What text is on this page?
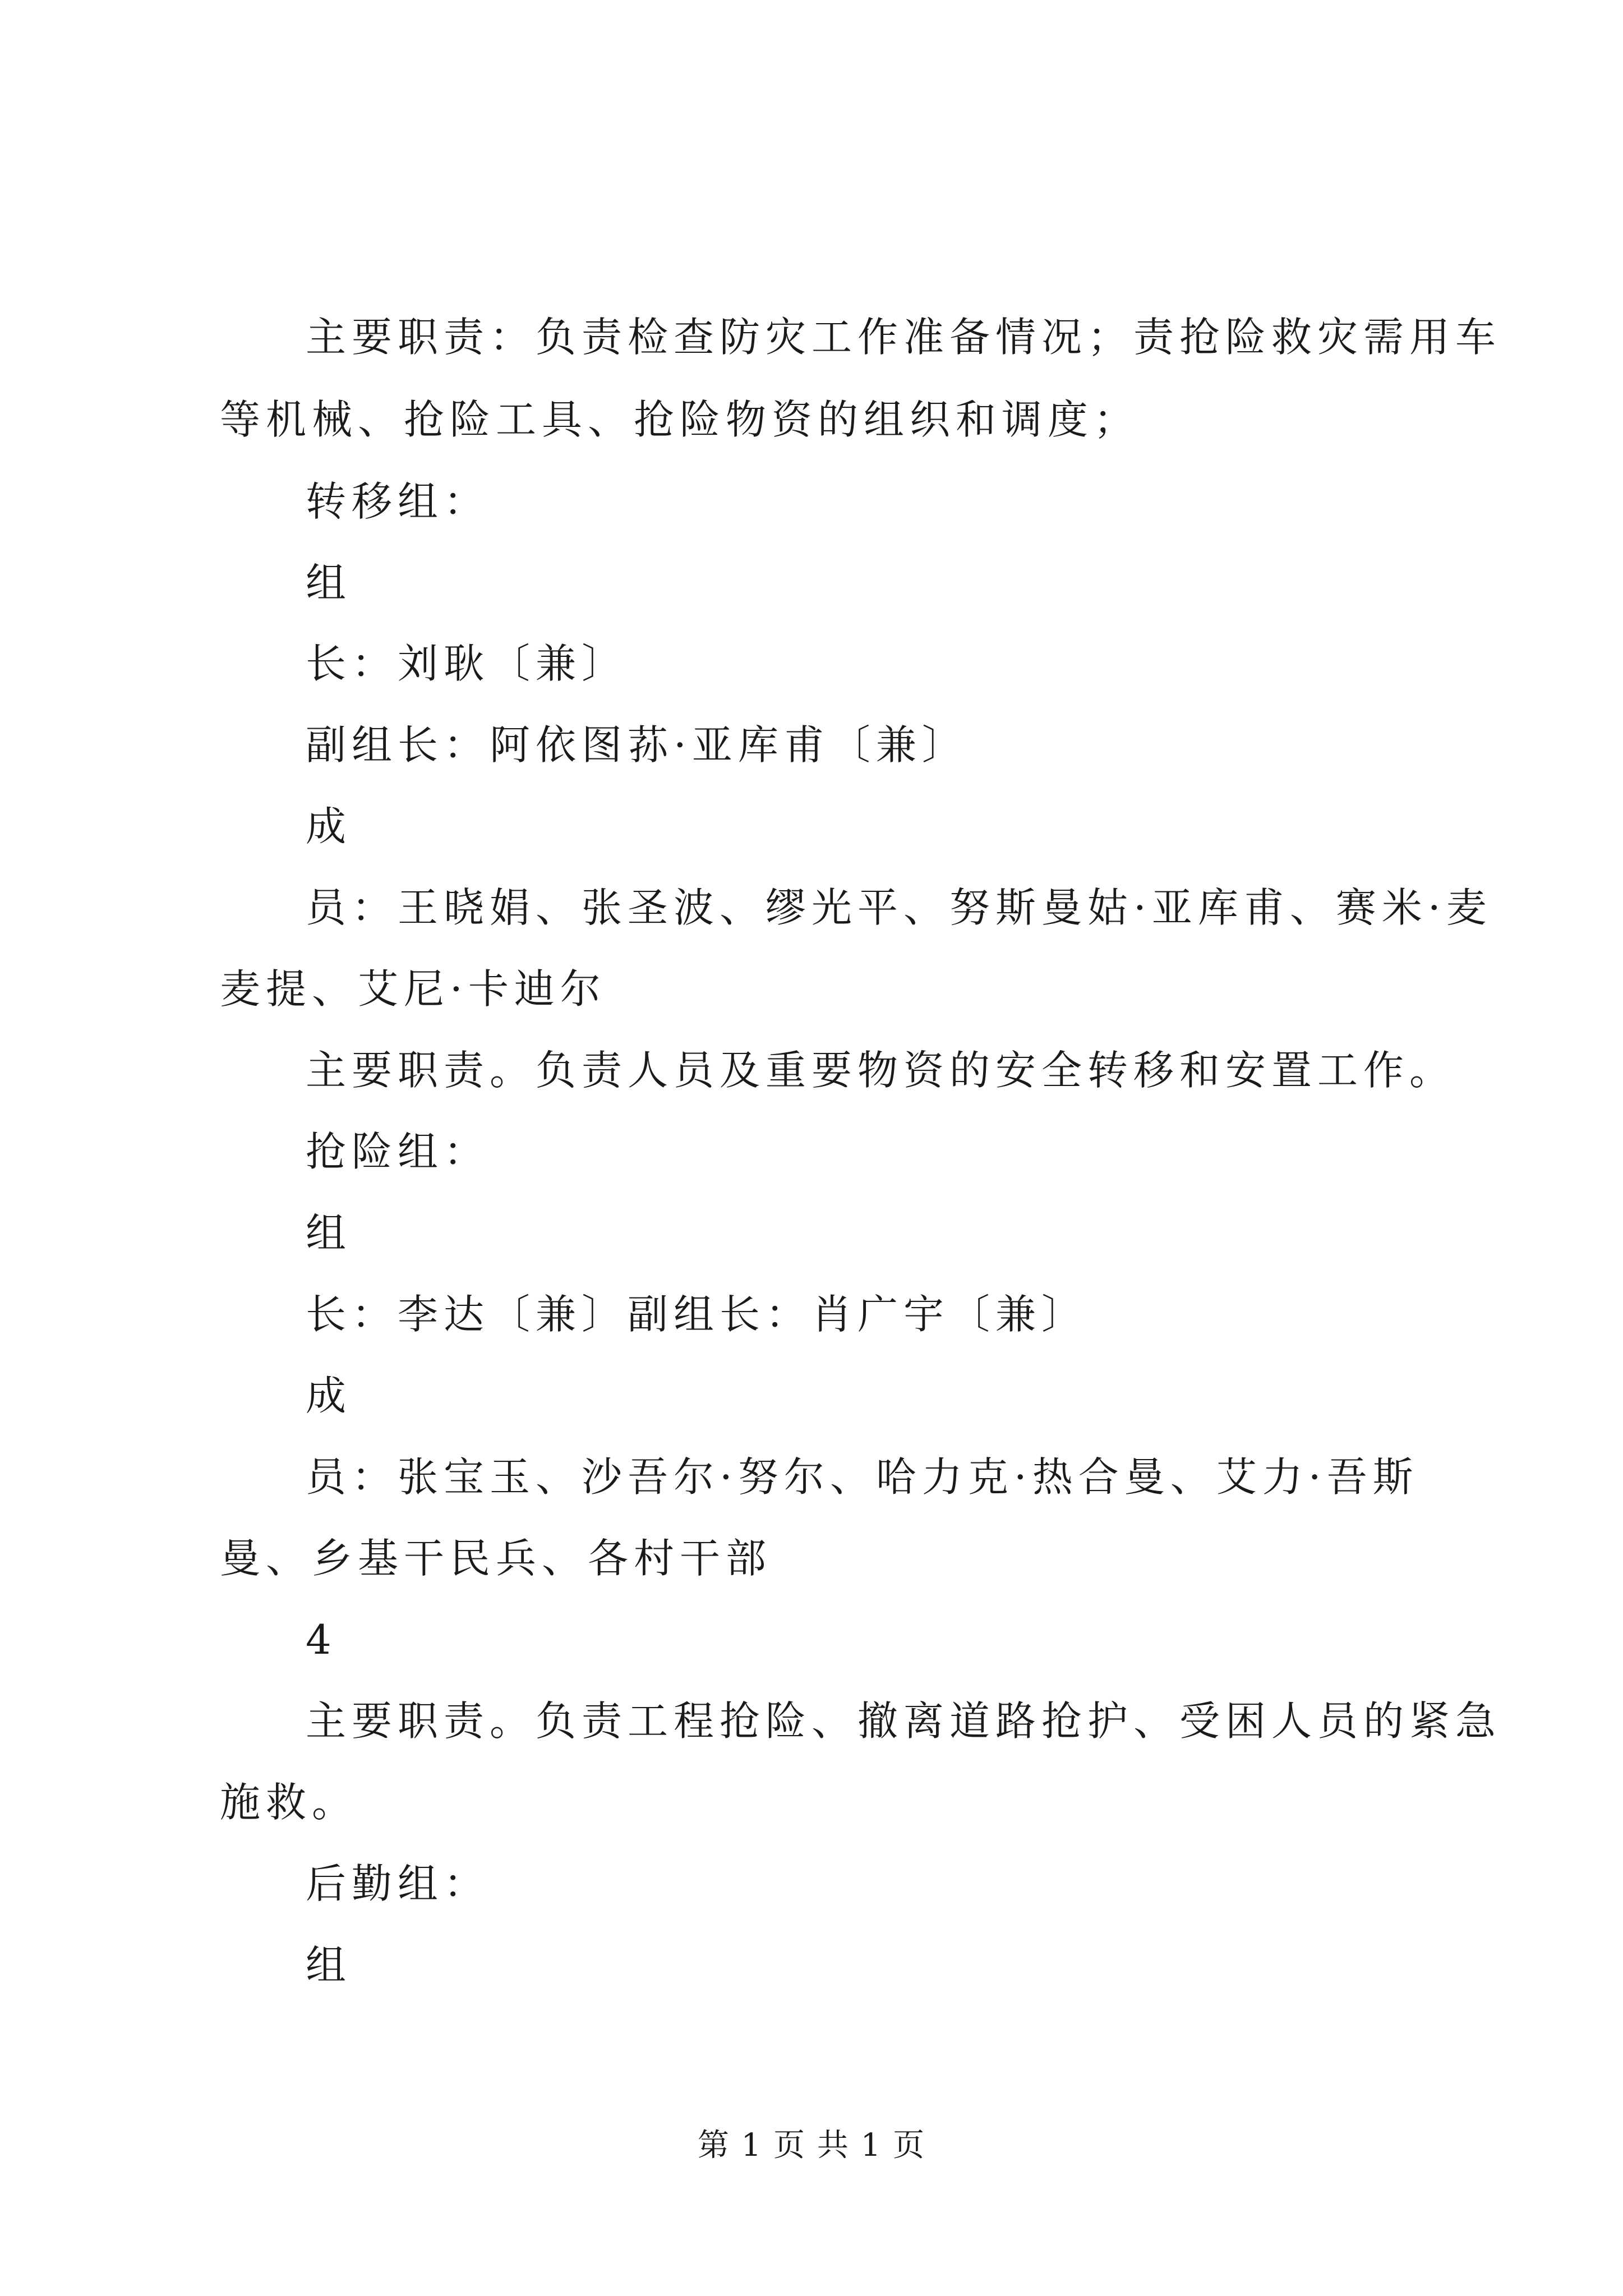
主要职责：负责检查防灾工作准备情况；责抢险救灾需用车
等机械、抢险工具、抢险物资的组织和调度；
转移组：
组
长：刘耿〔兼〕
副组长：阿依图荪·亚库甫〔兼〕
成
员：王晓娟、张圣波、缪光平、努斯曼姑·亚库甫、赛米·麦
麦提、艾尼·卡迪尔
主要职责。负责人员及重要物资的安全转移和安置工作。
抢险组：
组
长：李达〔兼〕副组长：肖广宇〔兼〕
成
员：张宝玉、沙吾尔·努尔、哈力克·热合曼、艾力·吾斯
曼、乡基干民兵、各村干部
4
主要职责。负责工程抢险、撤离道路抢护、受困人员的紧急
施救。
后勤组：
组
第 1 页 共 1 页
